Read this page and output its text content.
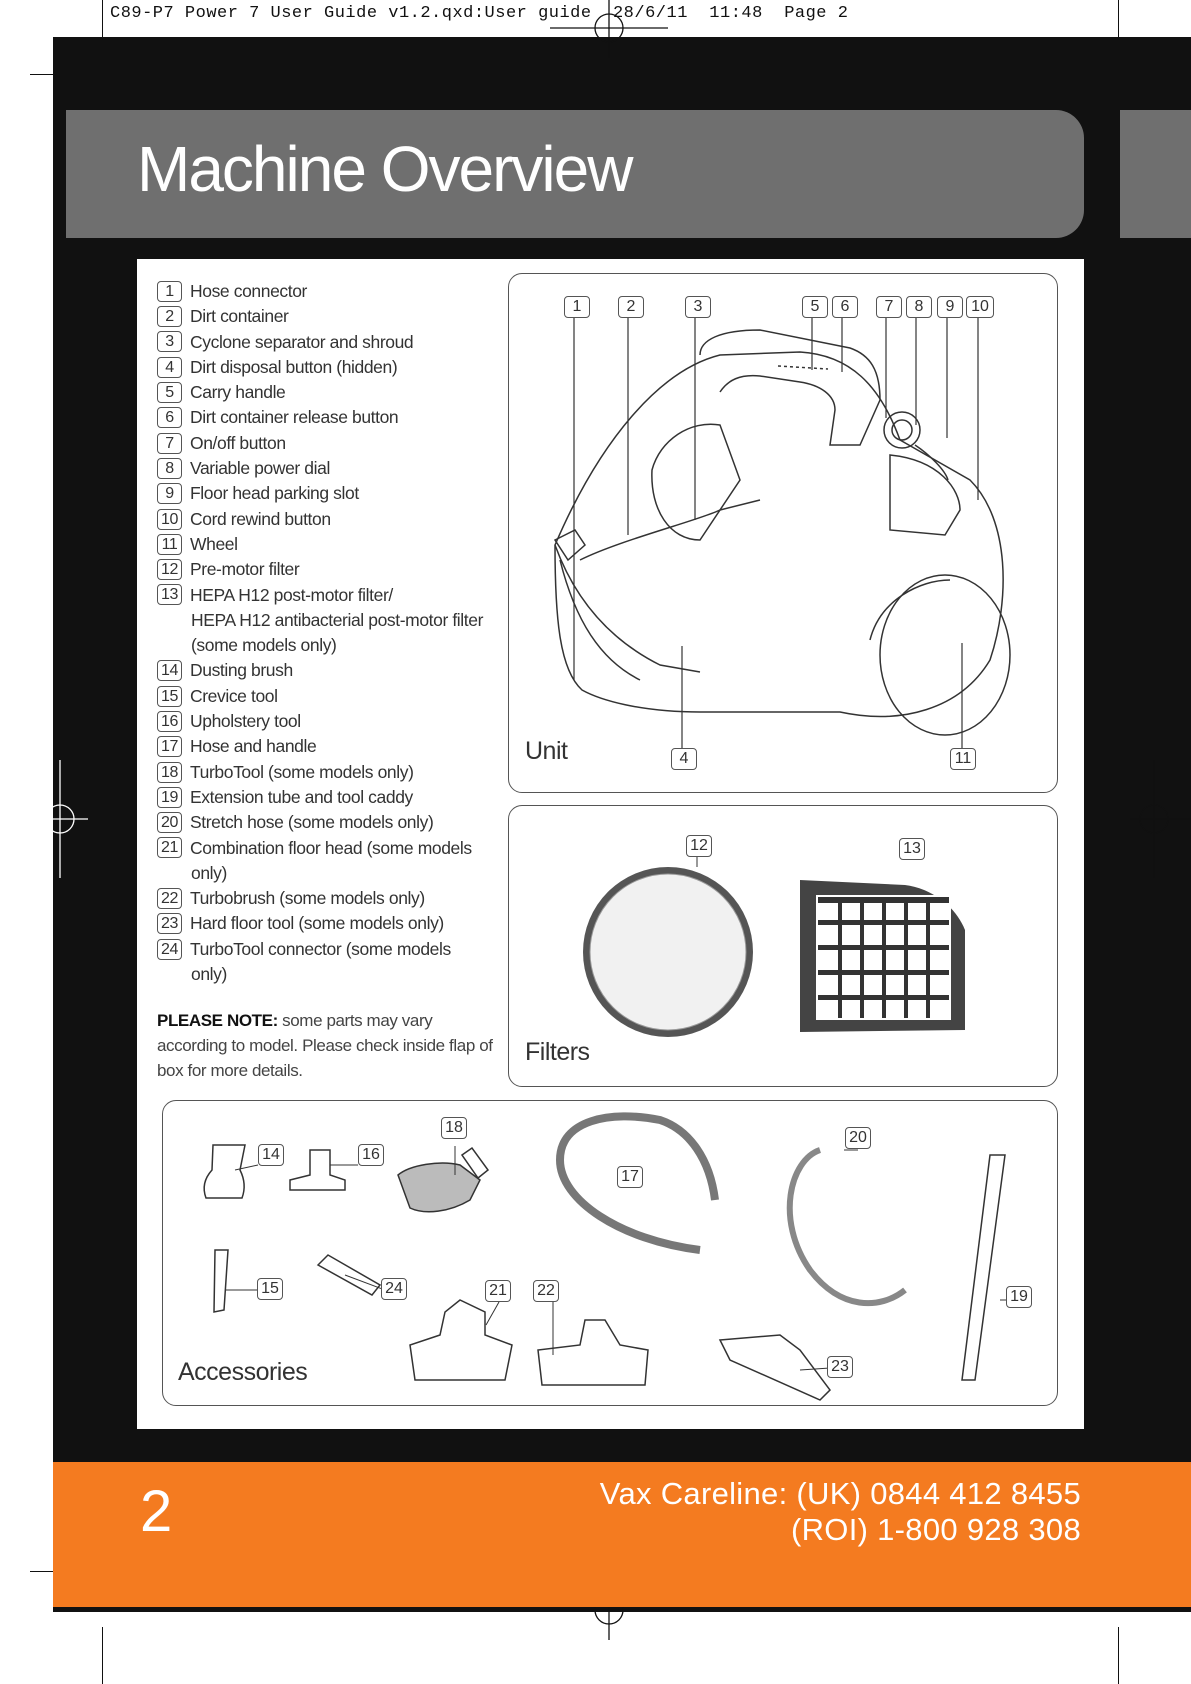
C89-P7 Power 7 User Guide v1.2.qxd:User guide  28/6/11  11:48  Page 2
Machine Overview
1 Hose connector
2 Dirt container
3 Cyclone separator and shroud
4 Dirt disposal button (hidden)
5 Carry handle
6 Dirt container release button
7 On/off button
8 Variable power dial
9 Floor head parking slot
10 Cord rewind button
11 Wheel
12 Pre-motor filter
13 HEPA H12 post-motor filter/
HEPA H12 antibacterial post-motor filter
(some models only)
14 Dusting brush
15 Crevice tool
16 Upholstery tool
17 Hose and handle
18 TurboTool (some models only)
19 Extension tube and tool caddy
20 Stretch hose (some models only)
21 Combination floor head (some models
only)
22 Turbobrush (some models only)
23 Hard floor tool (some models only)
24 TurboTool connector (some models
only)

PLEASE NOTE: some parts may vary according to model. Please check inside flap of box for more details.

Unit
Filters
Accessories
1	2	3	5	6	7	8	9	10
4	11
12	13
14	16
18
17
20
19
15	24	21 22
23
2	Vax Careline: (UK) 0844 412 8455
(ROI) 1-800 928 308
